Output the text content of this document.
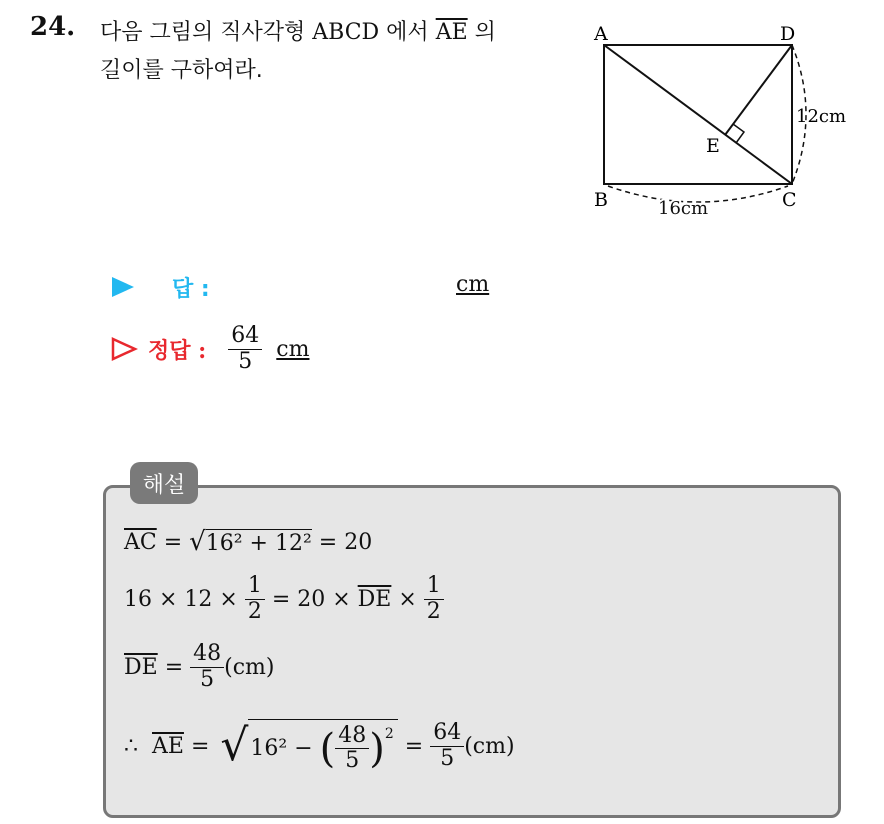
24. 다음 그림의 직사각형 ABCD 에서 $\overline{AE}$ 의
길이를 구하여라.
A	D
B	C
E
12cm
16cm
답 :	cm
정답 : $\frac{64}{5}$ cm
해설
$\overline{AC}$ = √ 16² + 12² = 20
$16 \times 12 \times \frac{1}{2} = 20 \times \overline{DE} \times \frac{1}{2}$
$\overline{DE} = \frac{48}{5} (cm)$
∴ $\overline{AE}$ = √ 16² − ( $\frac{48}{5}$ ) $2 = \frac{64}{5} (cm)$
